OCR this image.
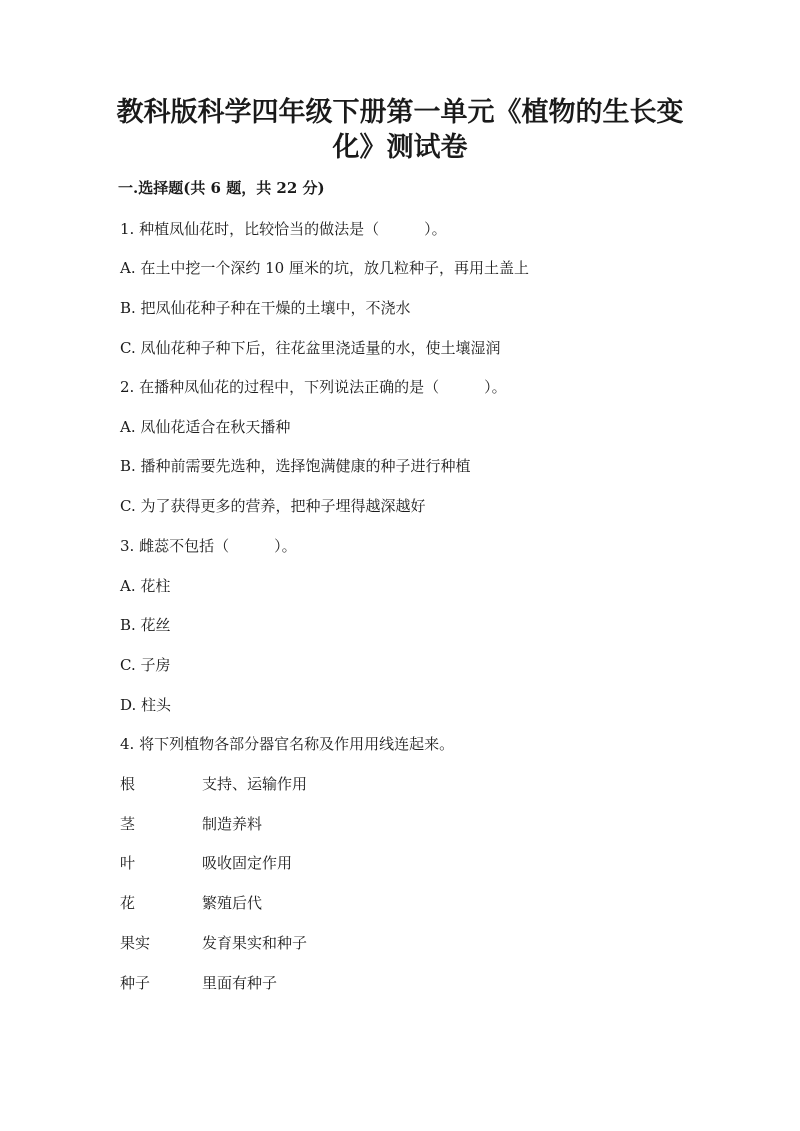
教科版科学四年级下册第一单元《植物的生长变
化》测试卷

一.选择题(共 6 题，共 22 分)

1. 种植凤仙花时，比较恰当的做法是（　　　）。

A. 在土中挖一个深约 10 厘米的坑，放几粒种子，再用土盖上

B. 把凤仙花种子种在干燥的土壤中，不浇水

C. 凤仙花种子种下后，往花盆里浇适量的水，使土壤湿润

2. 在播种凤仙花的过程中，下列说法正确的是（　　　）。

A. 凤仙花适合在秋天播种

B. 播种前需要先选种，选择饱满健康的种子进行种植

C. 为了获得更多的营养，把种子埋得越深越好

3. 雌蕊不包括（　　　）。

A. 花柱

B. 花丝

C. 子房

D. 柱头

4. 将下列植物各部分器官名称及作用用线连起来。

根	支持、运输作用
茎	制造养料
叶	吸收固定作用
花	繁殖后代
果实	发育果实和种子
种子	里面有种子
